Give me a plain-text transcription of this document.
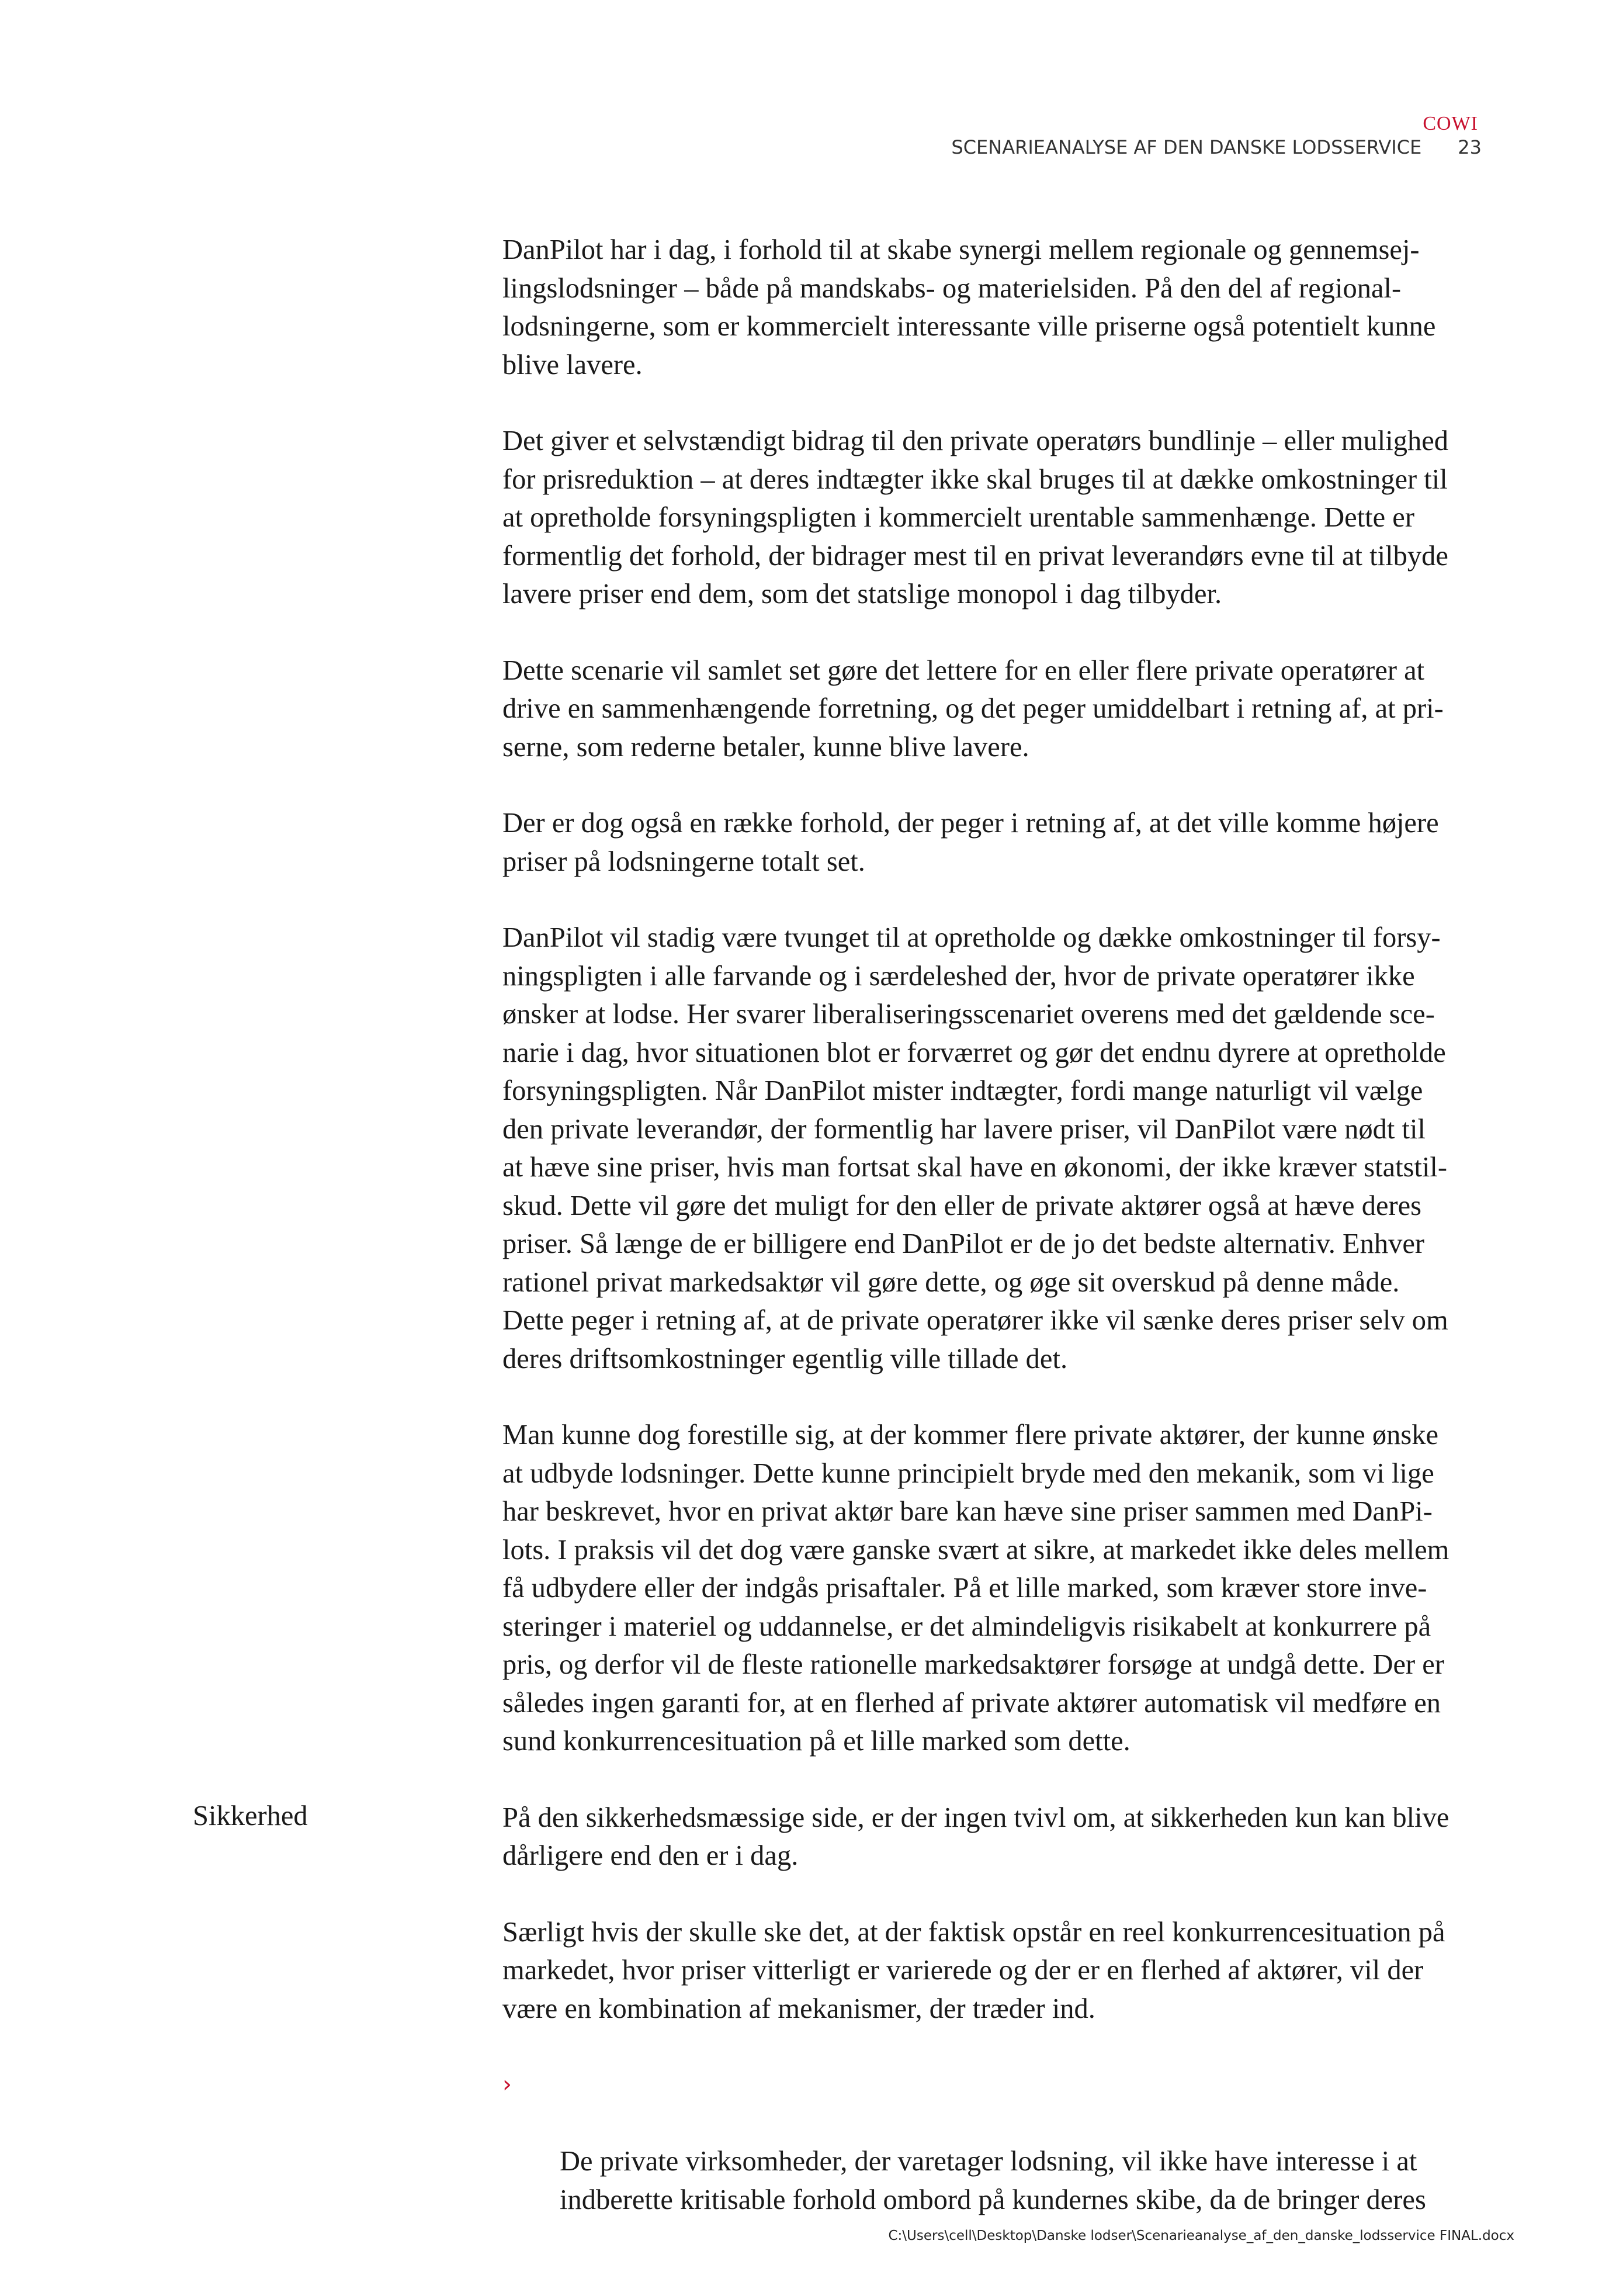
COWI
SCENARIEANALYSE AF DEN DANSKE LODSSERVICE 23

DanPilot har i dag, i forhold til at skabe synergi mellem regionale og gennemsej-
lingslodsninger – både på mandskabs- og materielsiden. På den del af regional-
lodsningerne, som er kommercielt interessante ville priserne også potentielt kunne
blive lavere.

Det giver et selvstændigt bidrag til den private operatørs bundlinje – eller mulighed
for prisreduktion – at deres indtægter ikke skal bruges til at dække omkostninger til
at opretholde forsyningspligten i kommercielt urentable sammenhænge. Dette er
formentlig det forhold, der bidrager mest til en privat leverandørs evne til at tilbyde
lavere priser end dem, som det statslige monopol i dag tilbyder.

Dette scenarie vil samlet set gøre det lettere for en eller flere private operatører at
drive en sammenhængende forretning, og det peger umiddelbart i retning af, at pri-
serne, som rederne betaler, kunne blive lavere.

Der er dog også en række forhold, der peger i retning af, at det ville komme højere
priser på lodsningerne totalt set.

DanPilot vil stadig være tvunget til at opretholde og dække omkostninger til forsy-
ningspligten i alle farvande og i særdeleshed der, hvor de private operatører ikke
ønsker at lodse. Her svarer liberaliseringsscenariet overens med det gældende sce-
narie i dag, hvor situationen blot er forværret og gør det endnu dyrere at opretholde
forsyningspligten. Når DanPilot mister indtægter, fordi mange naturligt vil vælge
den private leverandør, der formentlig har lavere priser, vil DanPilot være nødt til
at hæve sine priser, hvis man fortsat skal have en økonomi, der ikke kræver statstil-
skud. Dette vil gøre det muligt for den eller de private aktører også at hæve deres
priser. Så længe de er billigere end DanPilot er de jo det bedste alternativ. Enhver
rationel privat markedsaktør vil gøre dette, og øge sit overskud på denne måde.
Dette peger i retning af, at de private operatører ikke vil sænke deres priser selv om
deres driftsomkostninger egentlig ville tillade det.

Man kunne dog forestille sig, at der kommer flere private aktører, der kunne ønske
at udbyde lodsninger. Dette kunne principielt bryde med den mekanik, som vi lige
har beskrevet, hvor en privat aktør bare kan hæve sine priser sammen med DanPi-
lots. I praksis vil det dog være ganske svært at sikre, at markedet ikke deles mellem
få udbydere eller der indgås prisaftaler. På et lille marked, som kræver store inve-
steringer i materiel og uddannelse, er det almindeligvis risikabelt at konkurrere på
pris, og derfor vil de fleste rationelle markedsaktører forsøge at undgå dette. Der er
således ingen garanti for, at en flerhed af private aktører automatisk vil medføre en
sund konkurrencesituation på et lille marked som dette.

På den sikkerhedsmæssige side, er der ingen tvivl om, at sikkerheden kun kan blive
dårligere end den er i dag.

Særligt hvis der skulle ske det, at der faktisk opstår en reel konkurrencesituation på
markedet, hvor priser vitterligt er varierede og der er en flerhed af aktører, vil der
være en kombination af mekanismer, der træder ind.

›

De private virksomheder, der varetager lodsning, vil ikke have interesse i at
indberette kritisable forhold ombord på kundernes skibe, da de bringer deres

Sikkerhed
C:\Users\cell\Desktop\Danske lodser\Scenarieanalyse_af_den_danske_lodsservice FINAL.docx
